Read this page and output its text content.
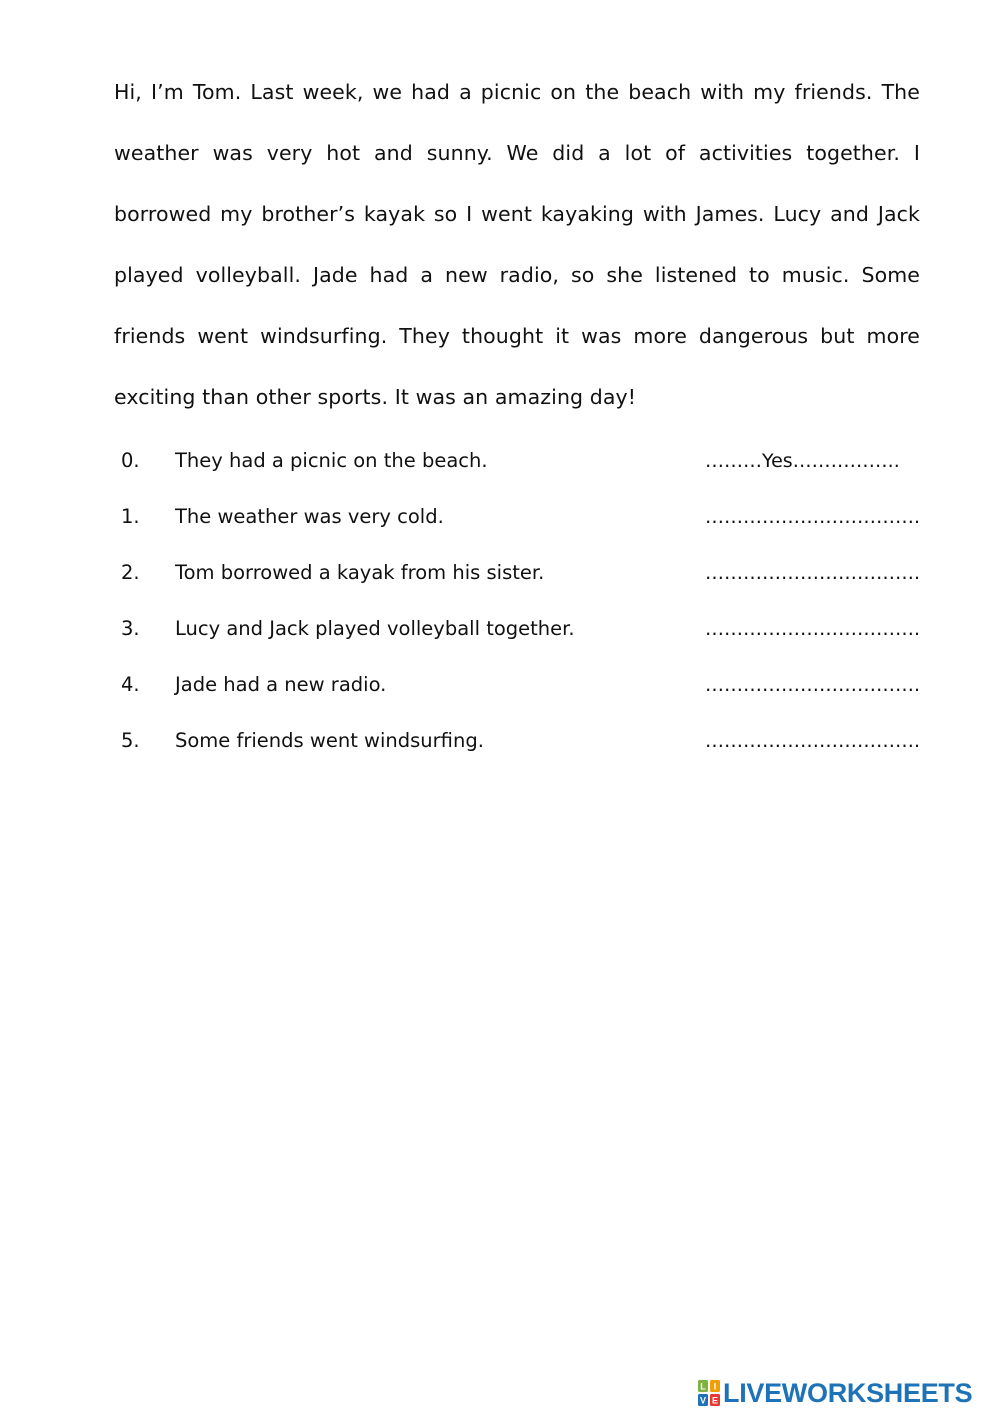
Hi, I’m Tom. Last week, we had a picnic on the beach with my friends. The weather was very hot and sunny. We did a lot of activities together. I borrowed my brother’s kayak so I went kayaking with James. Lucy and Jack played volleyball. Jade had a new radio, so she listened to music. Some friends went windsurfing. They thought it was more dangerous but more exciting than other sports. It was an amazing day!

0. They had a picnic on the beach.	………Yes……………..
1. The weather was very cold.	…………………………….
2. Tom borrowed a kayak from his sister.	…………………………….
3. Lucy and Jack played volleyball together.	…………………………….
4. Jade had a new radio.	…………………………….
5. Some friends went windsurfing.	…………………………….
L I
V E LIVEWORKSHEETS
